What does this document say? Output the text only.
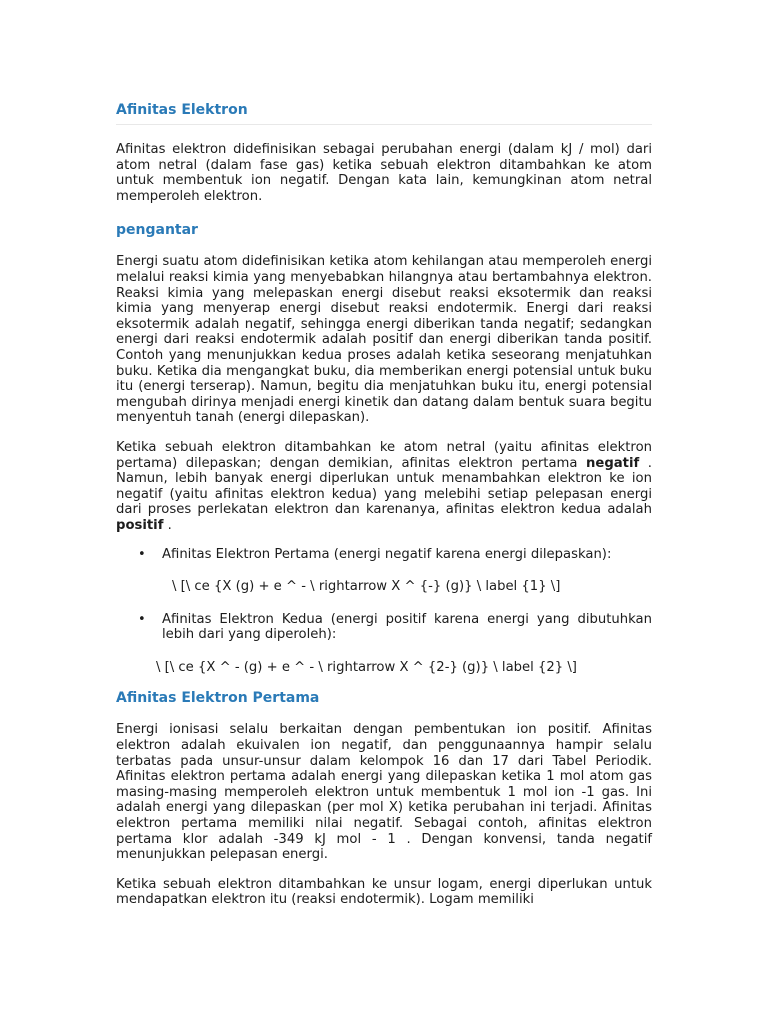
Afinitas Elektron

Afinitas elektron didefinisikan sebagai perubahan energi (dalam kJ / mol) dari atom netral (dalam fase gas) ketika sebuah elektron ditambahkan ke atom untuk membentuk ion negatif. Dengan kata lain, kemungkinan atom netral memperoleh elektron.

pengantar

Energi suatu atom didefinisikan ketika atom kehilangan atau memperoleh energi melalui reaksi kimia yang menyebabkan hilangnya atau bertambahnya elektron. Reaksi kimia yang melepaskan energi disebut reaksi eksotermik dan reaksi kimia yang menyerap energi disebut reaksi endotermik. Energi dari reaksi eksotermik adalah negatif, sehingga energi diberikan tanda negatif; sedangkan energi dari reaksi endotermik adalah positif dan energi diberikan tanda positif. Contoh yang menunjukkan kedua proses adalah ketika seseorang menjatuhkan buku. Ketika dia mengangkat buku, dia memberikan energi potensial untuk buku itu (energi terserap). Namun, begitu dia menjatuhkan buku itu, energi potensial mengubah dirinya menjadi energi kinetik dan datang dalam bentuk suara begitu menyentuh tanah (energi dilepaskan).

Ketika sebuah elektron ditambahkan ke atom netral (yaitu afinitas elektron pertama) dilepaskan; dengan demikian, afinitas elektron pertama negatif . Namun, lebih banyak energi diperlukan untuk menambahkan elektron ke ion negatif (yaitu afinitas elektron kedua) yang melebihi setiap pelepasan energi dari proses perlekatan elektron dan karenanya, afinitas elektron kedua adalah positif .

• Afinitas Elektron Pertama (energi negatif karena energi dilepaskan):
\ [\ ce {X (g) + e ^ - \ rightarrow X ^ {-} (g)} \ label {1} \]
• Afinitas Elektron Kedua (energi positif karena energi yang dibutuhkan lebih dari yang diperoleh):
\ [\ ce {X ^ - (g) + e ^ - \ rightarrow X ^ {2-} (g)} \ label {2} \]
Afinitas Elektron Pertama

Energi ionisasi selalu berkaitan dengan pembentukan ion positif. Afinitas elektron adalah ekuivalen ion negatif, dan penggunaannya hampir selalu terbatas pada unsur-unsur dalam kelompok 16 dan 17 dari Tabel Periodik. Afinitas elektron pertama adalah energi yang dilepaskan ketika 1 mol atom gas masing-masing memperoleh elektron untuk membentuk 1 mol ion -1 gas. Ini adalah energi yang dilepaskan (per mol X) ketika perubahan ini terjadi. Afinitas elektron pertama memiliki nilai negatif. Sebagai contoh, afinitas elektron pertama klor adalah -349 kJ mol - 1 . Dengan konvensi, tanda negatif menunjukkan pelepasan energi.

Ketika sebuah elektron ditambahkan ke unsur logam, energi diperlukan untuk mendapatkan elektron itu (reaksi endotermik). Logam memiliki
